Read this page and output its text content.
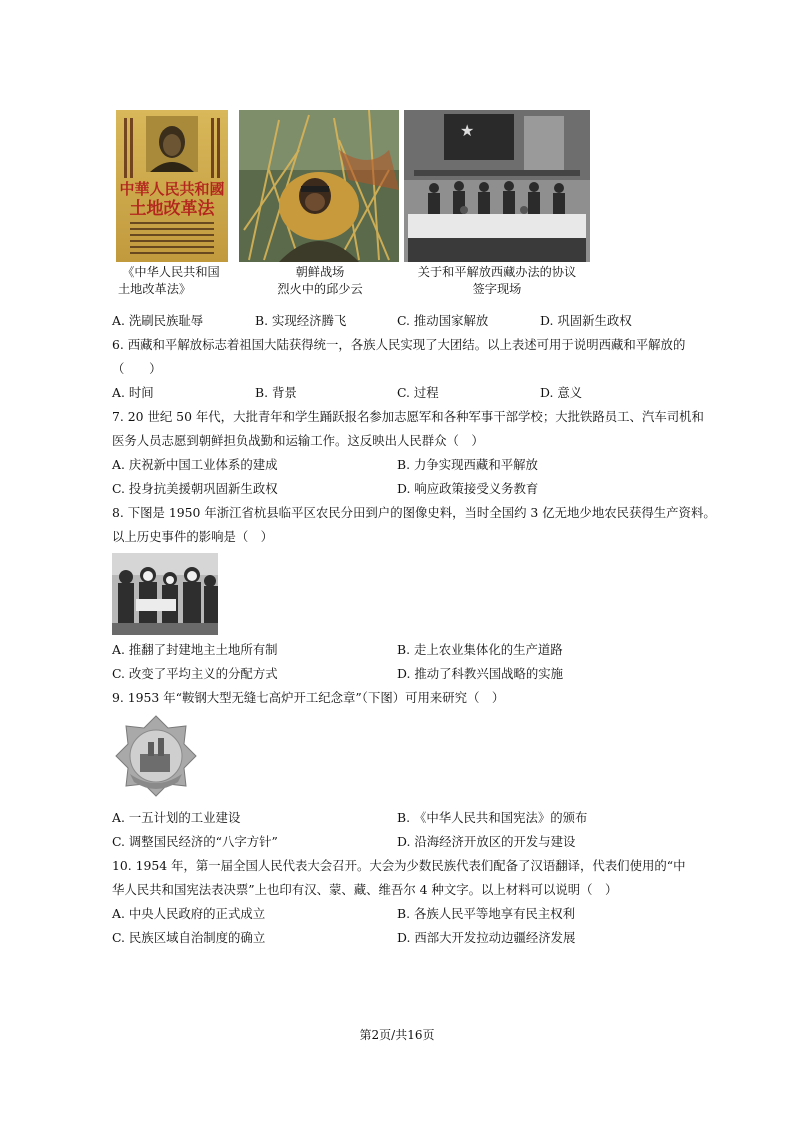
中華人民共和國
土地改革法
★
《中华人民共和国
土地改革法》
朝鲜战场
烈火中的邱少云
关于和平解放西藏办法的协议
签字现场
A. 洗刷民族耻辱	B. 实现经济腾飞	C. 推动国家解放	D. 巩固新生政权
6. 西藏和平解放标志着祖国大陆获得统一，各族人民实现了大团结。以上表述可用于说明西藏和平解放的
（　　）
A. 时间	B. 背景	C. 过程	D. 意义
7. 20 世纪 50 年代，大批青年和学生踊跃报名参加志愿军和各种军事干部学校；大批铁路员工、汽车司机和
医务人员志愿到朝鲜担负战勤和运输工作。这反映出人民群众（　）
A. 庆祝新中国工业体系的建成	B. 力争实现西藏和平解放
C. 投身抗美援朝巩固新生政权	D. 响应政策接受义务教育
8. 下图是 1950 年浙江省杭县临平区农民分田到户的图像史料，当时全国约 3 亿无地少地农民获得生产资料。
以上历史事件的影响是（　）
A. 推翻了封建地主土地所有制	B. 走上农业集体化的生产道路
C. 改变了平均主义的分配方式	D. 推动了科教兴国战略的实施
9. 1953 年“鞍钢大型无缝七高炉开工纪念章”（下图）可用来研究（　）
A. 一五计划的工业建设	B. 《中华人民共和国宪法》的颁布
C. 调整国民经济的“八字方针”	D. 沿海经济开放区的开发与建设
10. 1954 年，第一届全国人民代表大会召开。大会为少数民族代表们配备了汉语翻译，代表们使用的“中
华人民共和国宪法表决票”上也印有汉、蒙、藏、维吾尔 4 种文字。以上材料可以说明（　）
A. 中央人民政府的正式成立	B. 各族人民平等地享有民主权利
C. 民族区域自治制度的确立	D. 西部大开发拉动边疆经济发展
第2页/共16页
